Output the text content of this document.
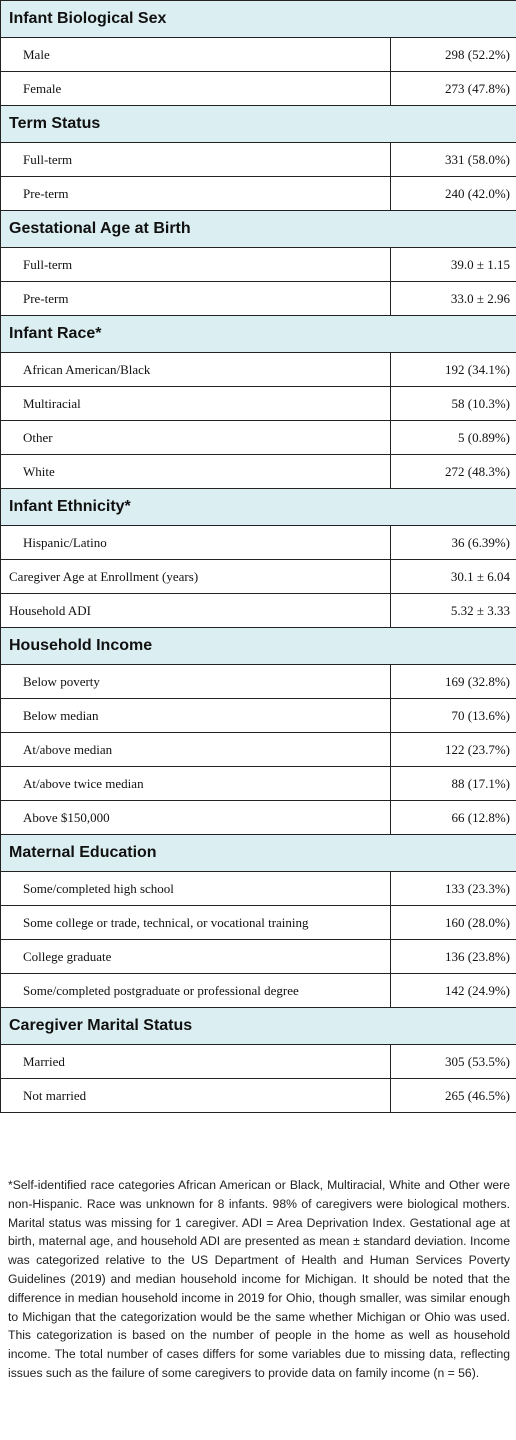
Infant Biological Sex	
Male	298 (52.2%)
Female	273 (47.8%)
Term Status	
Full-term	331 (58.0%)
Pre-term	240 (42.0%)
Gestational Age at Birth	
Full-term	39.0 ± 1.15
Pre-term	33.0 ± 2.96
Infant Race*	
African American/Black	192 (34.1%)
Multiracial	58 (10.3%)
Other	5 (0.89%)
White	272 (48.3%)
Infant Ethnicity*	
Hispanic/Latino	36 (6.39%)
Caregiver Age at Enrollment (years)	30.1 ± 6.04
Household ADI	5.32 ± 3.33
Household Income	
Below poverty	169 (32.8%)
Below median	70 (13.6%)
At/above median	122 (23.7%)
At/above twice median	88 (17.1%)
Above $150,000	66 (12.8%)
Maternal Education	
Some/completed high school	133 (23.3%)
Some college or trade, technical, or vocational training	160 (28.0%)
College graduate	136 (23.8%)
Some/completed postgraduate or professional degree	142 (24.9%)
Caregiver Marital Status	
Married	305 (53.5%)
Not married	265 (46.5%)

*Self-identified race categories African American or Black, Multiracial, White and Other were non-Hispanic. Race was unknown for 8 infants. 98% of caregivers were biological mothers. Marital status was missing for 1 caregiver. ADI = Area Deprivation Index. Gestational age at birth, maternal age, and household ADI are presented as mean ± standard deviation. Income was categorized relative to the US Department of Health and Human Services Poverty Guidelines (2019) and median household income for Michigan. It should be noted that the difference in median household income in 2019 for Ohio, though smaller, was similar enough to Michigan that the categorization would be the same whether Michigan or Ohio was used. This categorization is based on the number of people in the home as well as household income. The total number of cases differs for some variables due to missing data, reflecting issues such as the failure of some caregivers to provide data on family income (n = 56).
